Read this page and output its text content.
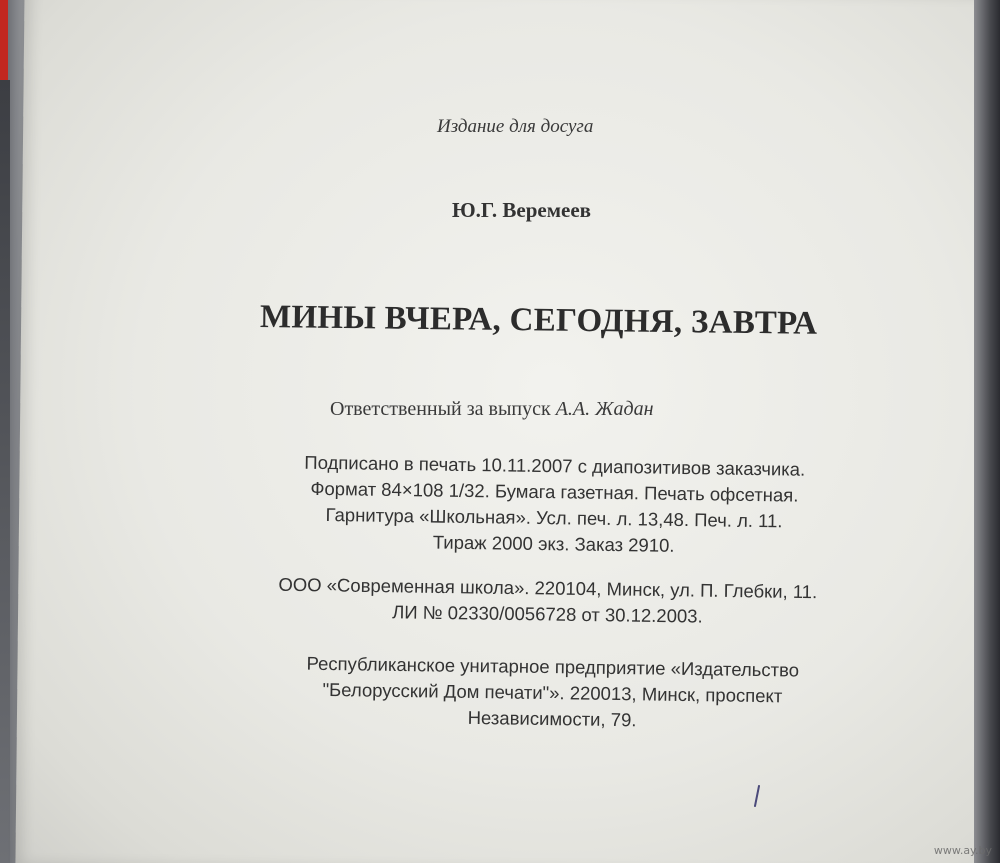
Издание для досуга
Ю.Г. Веремеев
МИНЫ ВЧЕРА, СЕГОДНЯ, ЗАВТРА
Ответственный за выпуск А.А. Жадан
Подписано в печать 10.11.2007 с диапозитивов заказчика.
Формат 84×108 1/32. Бумага газетная. Печать офсетная.
Гарнитура «Школьная». Усл. печ. л. 13,48. Печ. л. 11.
Тираж 2000 экз. Заказ 2910.
ООО «Современная школа». 220104, Минск, ул. П. Глебки, 11.
ЛИ № 02330/0056728 от 30.12.2003.
Республиканское унитарное предприятие «Издательство
"Белорусский Дом печати"». 220013, Минск, проспект
Независимости, 79.
www.ay.by
